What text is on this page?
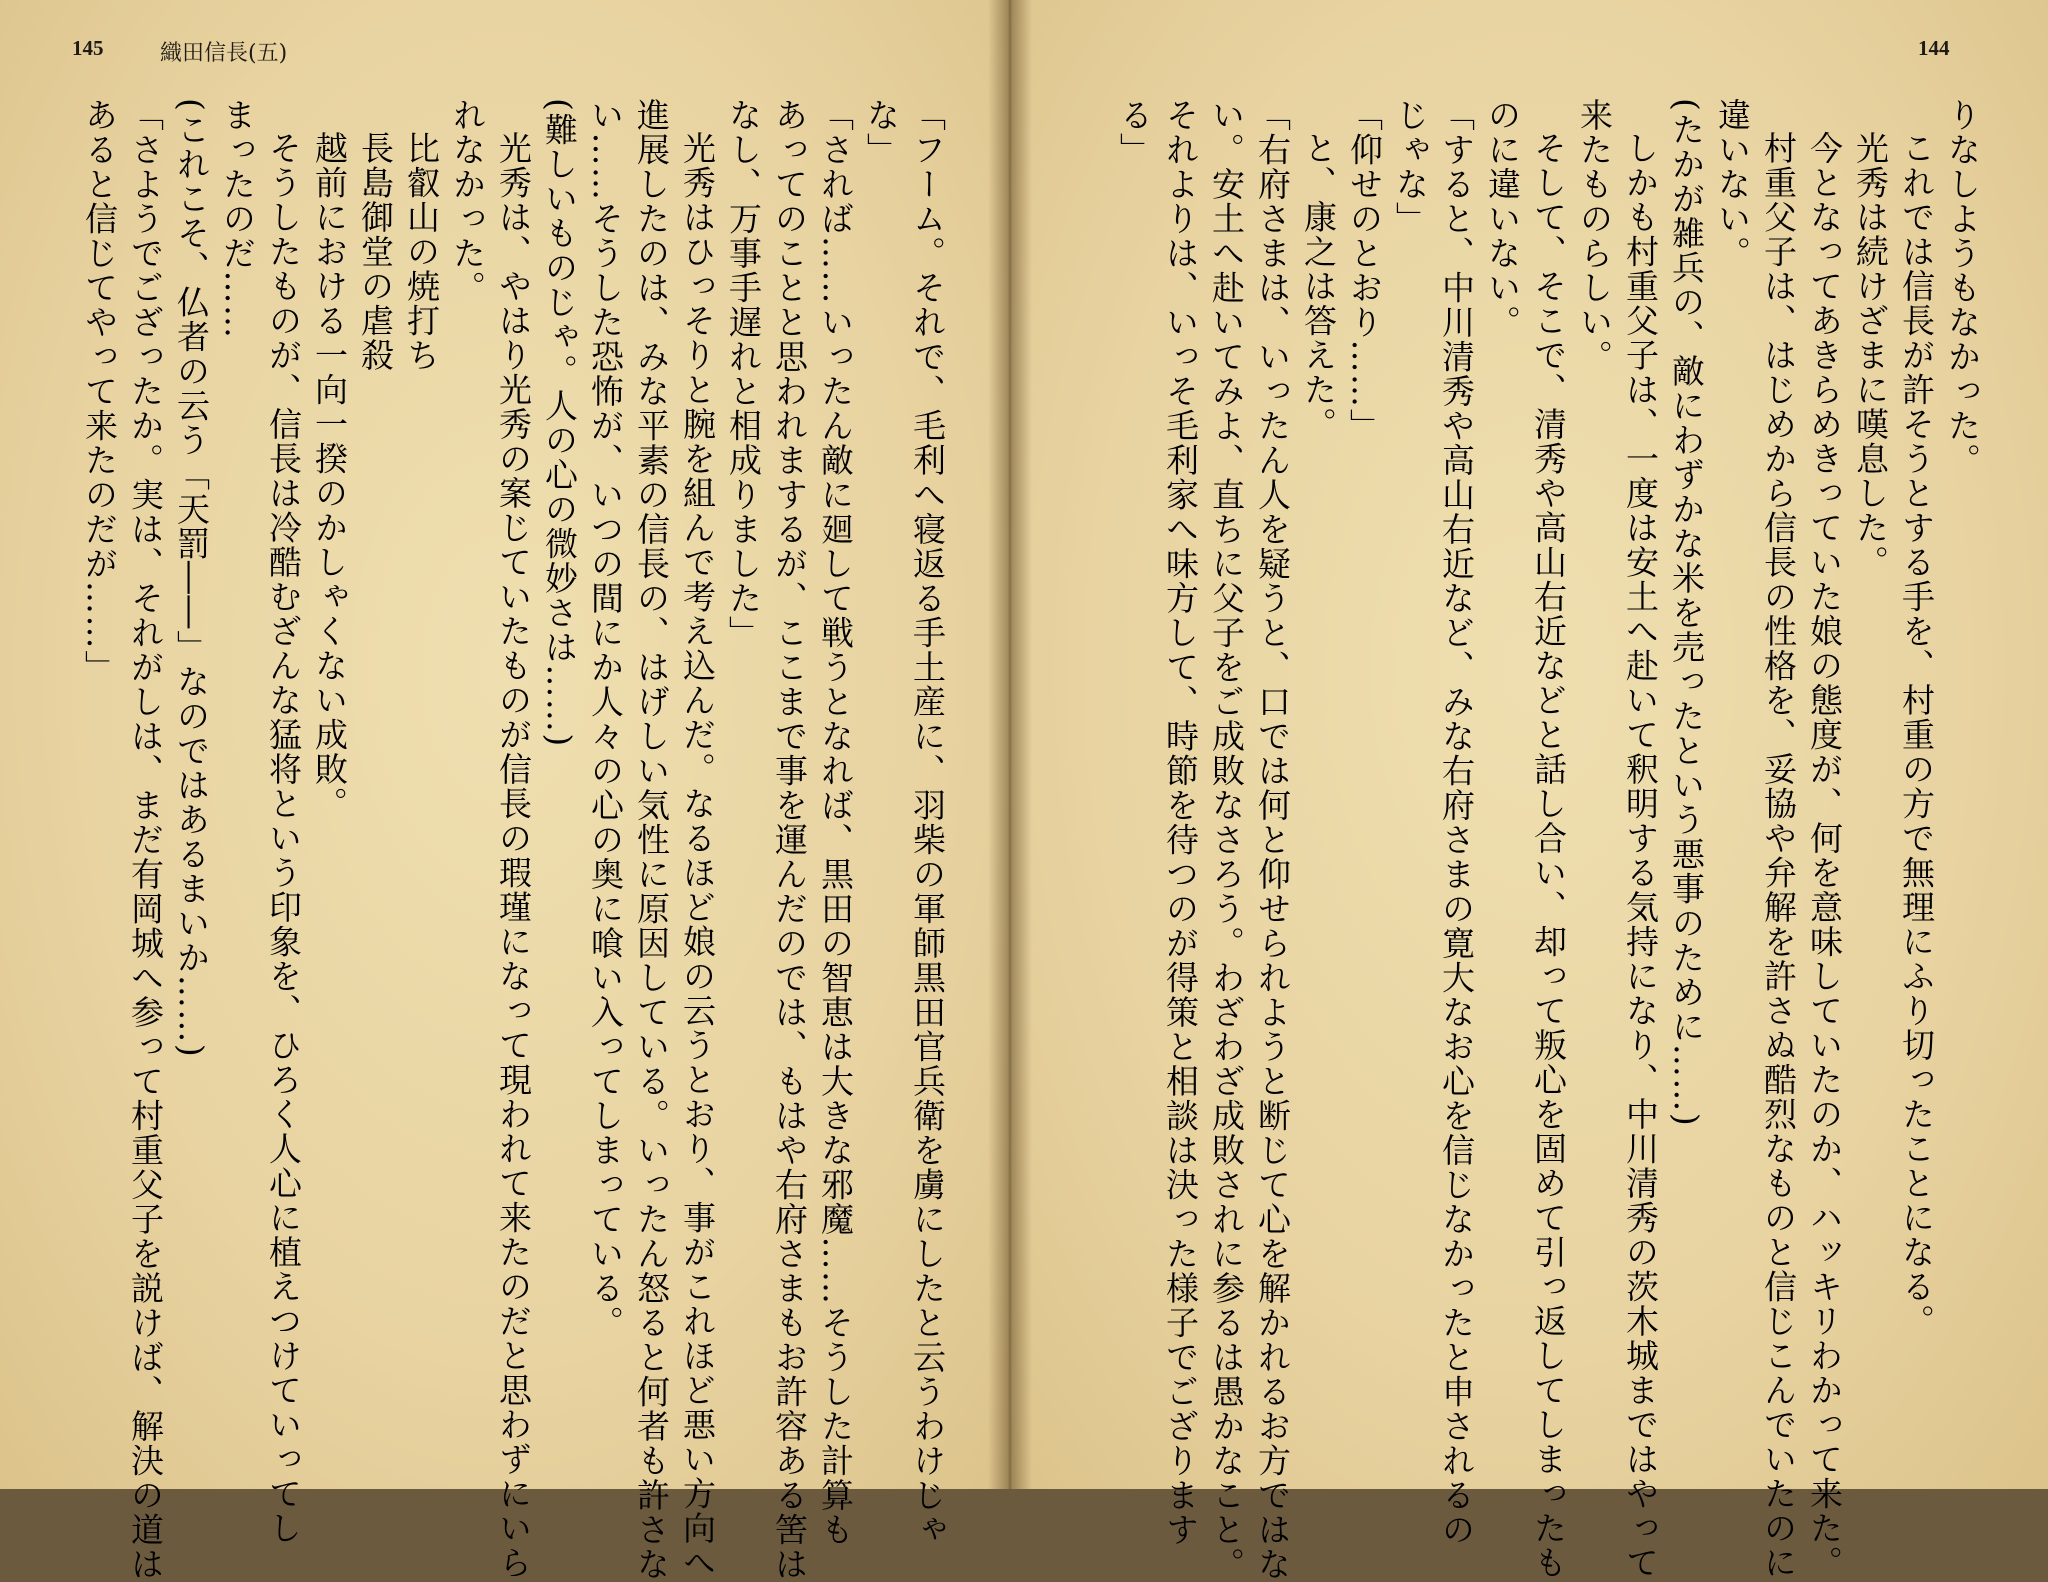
145	織田信長(五)	144
りなしようもなかった。
これでは信長が許そうとする手を、村重の方で無理にふり切ったことになる。
光秀は続けざまに嘆息した。
今となってあきらめきっていた娘の態度が、何を意味していたのか、ハッキリわかって来た。
村重父子は、はじめから信長の性格を、妥協や弁解を許さぬ酷烈なものと信じこんでいたのに
違いない。
(たかが雑兵の、敵にわずかな米を売ったという悪事のために……)
しかも村重父子は、一度は安土へ赴いて釈明する気持になり、中川清秀の茨木城まではやって
来たものらしい。
そして、そこで、清秀や高山右近などと話し合い、却って叛心を固めて引っ返してしまったも
のに違いない。
「すると、中川清秀や高山右近など、みな右府さまの寛大なお心を信じなかったと申されるの
じゃな」
「仰せのとおり……」
と、康之は答えた。
「右府さまは、いったん人を疑うと、口では何と仰せられようと断じて心を解かれるお方ではな
い。安土へ赴いてみよ、直ちに父子をご成敗なさろう。わざわざ成敗されに参るは愚かなこと。
それよりは、いっそ毛利家へ味方して、時節を待つのが得策と相談は決った様子でござります
る」
「フーム。それで、毛利へ寝返る手土産に、羽柴の軍師黒田官兵衛を虜にしたと云うわけじゃ
な」
「されば……いったん敵に廻して戦うとなれば、黒田の智恵は大きな邪魔……そうした計算も
あってのことと思われまするが、ここまで事を運んだのでは、もはや右府さまもお許容ある筈は
なし、万事手遅れと相成りました」
光秀はひっそりと腕を組んで考え込んだ。なるほど娘の云うとおり、事がこれほど悪い方向へ
進展したのは、みな平素の信長の、はげしい気性に原因している。いったん怒ると何者も許さな
い……そうした恐怖が、いつの間にか人々の心の奥に喰い入ってしまっている。
(難しいものじゃ。人の心の微妙さは……)
光秀は、やはり光秀の案じていたものが信長の瑕瑾になって現われて来たのだと思わずにいら
れなかった。
比叡山の焼打ち
長島御堂の虐殺
越前における一向一揆のかしゃくない成敗。
そうしたものが、信長は冷酷むざんな猛将という印象を、ひろく人心に植えつけていってし
まったのだ……
(これこそ、仏者の云う「天罰――」なのではあるまいか……)
「さようでござったか。実は、それがしは、まだ有岡城へ参って村重父子を説けば、解決の道は
あると信じてやって来たのだが……」
